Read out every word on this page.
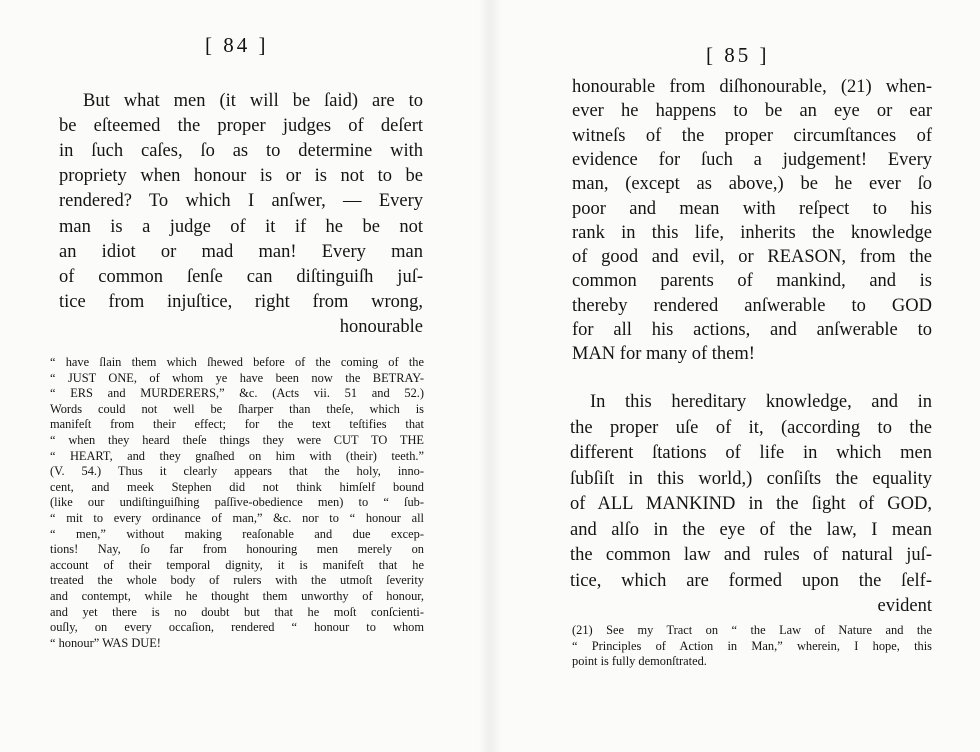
[ 84 ]
But what men (it will be ſaid) are to
be eſteemed the proper judges of deſert
in ſuch caſes, ſo as to determine with
propriety when honour is or is not to be
rendered? To which I anſwer, — Every
man is a judge of it if he be not
an idiot or mad man! Every man
of common ſenſe can diſtinguiſh juſ-
tice from injuſtice, right from wrong,
honourable
“ have ſlain them which ſhewed before of the coming of the
“ JUST ONE, of whom ye have been now the BETRAY-
“ ERS and MURDERERS,” &c. (Acts vii. 51 and 52.)
Words could not well be ſharper than theſe, which is
manifeſt from their effect; for the text teſtifies that
“ when they heard theſe things they were CUT TO THE
“ HEART, and they gnaſhed on him with (their) teeth.”
(V. 54.) Thus it clearly appears that the holy, inno-
cent, and meek Stephen did not think himſelf bound
(like our undiſtinguiſhing paſſive-obedience men) to “ ſub-
“ mit to every ordinance of man,” &c. nor to “ honour all
“ men,” without making reaſonable and due excep-
tions! Nay, ſo far from honouring men merely on
account of their temporal dignity, it is manifeſt that he
treated the whole body of rulers with the utmoſt ſeverity
and contempt, while he thought them unworthy of honour,
and yet there is no doubt but that he moſt conſcienti-
ouſly, on every occaſion, rendered “ honour to whom
“ honour” WAS DUE!
[ 85 ]
honourable from diſhonourable, (21) when-
ever he happens to be an eye or ear
witneſs of the proper circumſtances of
evidence for ſuch a judgement! Every
man, (except as above,) be he ever ſo
poor and mean with reſpect to his
rank in this life, inherits the knowledge
of good and evil, or REASON, from the
common parents of mankind, and is
thereby rendered anſwerable to GOD
for all his actions, and anſwerable to
MAN for many of them!
In this hereditary knowledge, and in
the proper uſe of it, (according to the
different ſtations of life in which men
ſubſiſt in this world,) conſiſts the equality
of ALL MANKIND in the ſight of GOD,
and alſo in the eye of the law, I mean
the common law and rules of natural juſ-
tice, which are formed upon the ſelf-
evident
(21) See my Tract on “ the Law of Nature and the
“ Principles of Action in Man,” wherein, I hope, this
point is fully demonſtrated.
